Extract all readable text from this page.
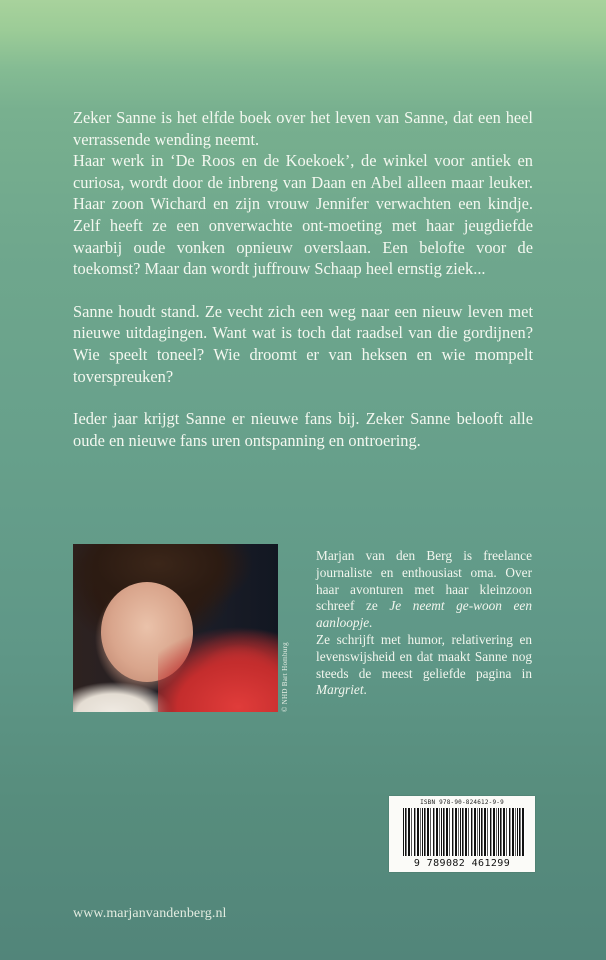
Zeker Sanne is het elfde boek over het leven van Sanne, dat een heel verrassende wending neemt.

Haar werk in ‘De Roos en de Koekoek’, de winkel voor antiek en curiosa, wordt door de inbreng van Daan en Abel alleen maar leuker. Haar zoon Wichard en zijn vrouw Jennifer verwachten een kindje. Zelf heeft ze een onverwachte ont-moeting met haar jeugdiefde waarbij oude vonken opnieuw overslaan. Een belofte voor de toekomst? Maar dan wordt juffrouw Schaap heel ernstig ziek...

Sanne houdt stand. Ze vecht zich een weg naar een nieuw leven met nieuwe uitdagingen. Want wat is toch dat raadsel van die gordijnen? Wie speelt toneel? Wie droomt er van heksen en wie mompelt toverspreuken?

Ieder jaar krijgt Sanne er nieuwe fans bij. Zeker Sanne belooft alle oude en nieuwe fans uren ontspanning en ontroering.

© NHD Bart Homburg

Marjan van den Berg is freelance journaliste en enthousiast oma. Over haar avonturen met haar kleinzoon schreef ze Je neemt ge-woon een aanloopje.

Ze schrijft met humor, relativering en levenswijsheid en dat maakt Sanne nog steeds de meest geliefde pagina in Margriet.

ISBN 978-90-824612-9-9
9 789082 461299
www.marjanvandenberg.nl
